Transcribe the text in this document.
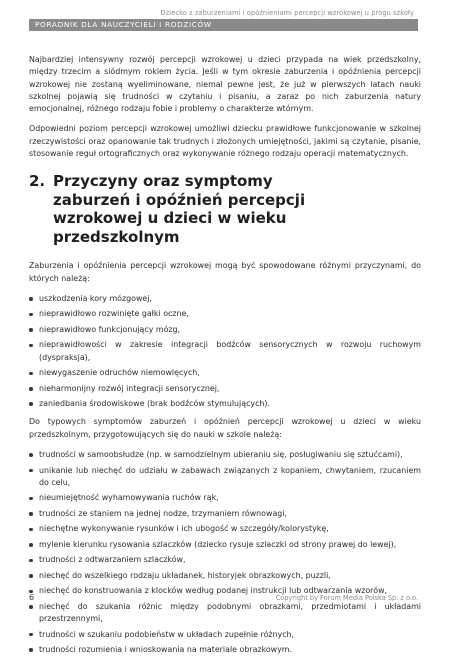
Dziecko z zaburzeniami i opóźnieniami percepcji wzrokowej u progu szkoły
PORADNIK DLA NAUCZYCIELI I RODZICÓW

Najbardziej intensywny rozwój percepcji wzrokowej u dzieci przypada na wiek przedszkolny, między trzecim a siódmym rokiem życia. Jeśli w tym okresie zaburzenia i opóźnienia percepcji wzrokowej nie zostaną wyeliminowane, niemal pewne jest, że już w pierwszych latach nauki szkolnej pojawią się trudności w czytaniu i pisaniu, a zaraz po nich zaburzenia natury emocjonalnej, różnego rodzaju fobie i problemy o charakterze wtórnym.

Odpowiedni poziom percepcji wzrokowej umożliwi dziecku prawidłowe funkcjonowanie w szkolnej rzeczywistości oraz opanowanie tak trudnych i złożonych umiejętności, jakimi są czytanie, pisanie, stosowanie reguł ortograficznych oraz wykonywanie różnego rodzaju operacji matematycznych.

2. Przyczyny oraz symptomy zaburzeń i opóźnień percepcji wzrokowej u dzieci w wieku przedszkolnym

Zaburzenia i opóźnienia percepcji wzrokowej mogą być spowodowane różnymi przyczynami, do których należą:

uszkodzenia kory mózgowej,
nieprawidłowo rozwinięte gałki oczne,
nieprawidłowo funkcjonujący mózg,
nieprawidłowości w zakresie integracji bodźców sensorycznych w rozwoju ruchowym (dyspraksja),
niewygaszenie odruchów niemowlęcych,
nieharmonijny rozwój integracji sensorycznej,
zaniedbania środowiskowe (brak bodźców stymulujących).

Do typowych symptomów zaburzeń i opóźnień percepcji wzrokowej u dzieci w wieku przedszkolnym, przygotowujących się do nauki w szkole należą:

trudności w samoobsłudze (np. w samodzielnym ubieraniu się, posługiwaniu się sztućcami),
unikanie lub niechęć do udziału w zabawach związanych z kopaniem, chwytaniem, rzucaniem do celu,
nieumiejętność wyhamowywania ruchów rąk,
trudności ze staniem na jednej nodze, trzymaniem równowagi,
niechętne wykonywanie rysunków i ich ubogość w szczegóły/kolorystykę,
mylenie kierunku rysowania szlaczków (dziecko rysuje szlaczki od strony prawej do lewej),
trudności z odtwarzaniem szlaczków,
niechęć do wszelkiego rodzaju układanek, historyjek obrazkowych, puzzli,
niechęć do konstruowania z klocków według podanej instrukcji lub odtwarzania wzorów,
niechęć do szukania różnic między podobnymi obrazkami, przedmiotami i układami przestrzennymi,
trudności w szukaniu podobieństw w układach zupełnie różnych,
trudności rozumienia i wnioskowania na materiale obrazkowym.
6	Copyright by Forum Media Polska Sp. z o.o.
